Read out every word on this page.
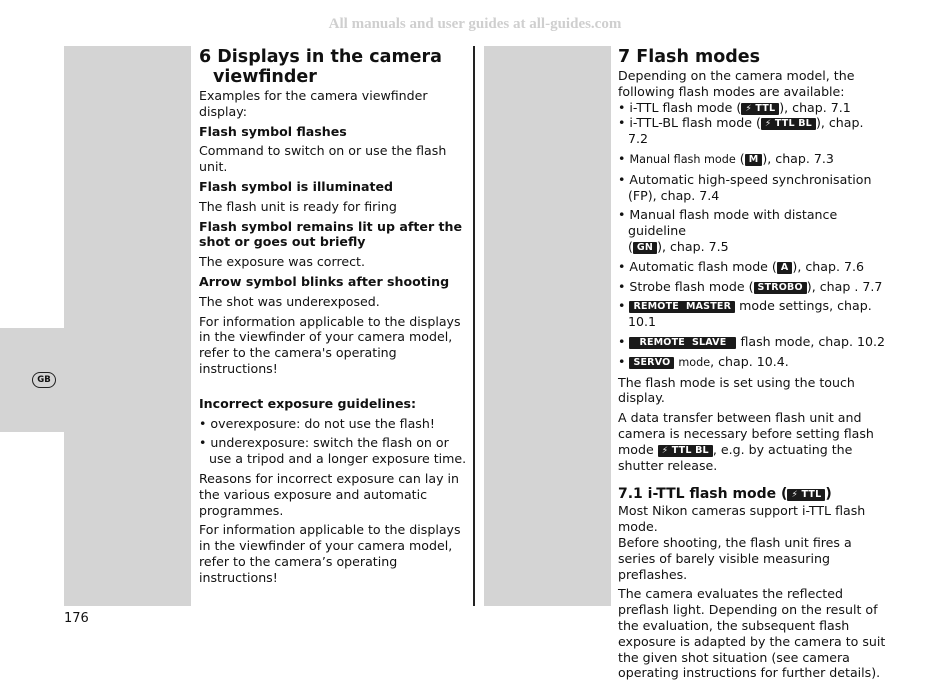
All manuals and user guides at all-guides.com
GB

6 Displays in the camera

viewfinder

Examples for the camera viewfinder display:

Flash symbol flashes

Command to switch on or use the flash unit.

Flash symbol is illuminated

The flash unit is ready for firing

Flash symbol remains lit up after the shot or goes out briefly

The exposure was correct.

Arrow symbol blinks after shooting

The shot was underexposed.

For information applicable to the displays in the viewfinder of your camera model, refer to the camera's operating instructions!

Incorrect exposure guidelines:

• overexposure: do not use the flash!

• underexposure: switch the flash on or use a tripod and a longer exposure time.

Reasons for incorrect exposure can lay in the various exposure and automatic programmes.

For information applicable to the displays in the viewfinder of your camera model, refer to the camera’s operating instructions!

7 Flash modes

Depending on the camera model, the following flash modes are available:

• i-TTL flash mode ( ⚡ TTL ), chap. 7.1

• i-TTL-BL flash mode ( ⚡ TTL BL ), chap. 7.2

• Manual flash mode ( M ), chap. 7.3

• Automatic high-speed synchronisation (FP), chap. 7.4

• Manual flash mode with distance guideline
( GN ), chap. 7.5

• Automatic flash mode ( A ), chap. 7.6

• Strobe flash mode ( STROBO ), chap . 7.7

• REMOTE  MASTER mode settings, chap. 10.1

• REMOTE  SLAVE flash mode, chap. 10.2

• SERVO mode, chap. 10.4.

The flash mode is set using the touch display.

A data transfer between flash unit and camera is necessary before setting flash mode ⚡ TTL BL , e.g. by actuating the shutter release.

7.1 i-TTL flash mode ( ⚡ TTL )

Most Nikon cameras support i-TTL flash mode.

Before shooting, the flash unit fires a series of barely visible measuring preflashes.

The camera evaluates the reflected preflash light. Depending on the result of the evaluation, the subsequent flash exposure is adapted by the camera to suit the given shot situation (see camera operating instructions for further details).

176
